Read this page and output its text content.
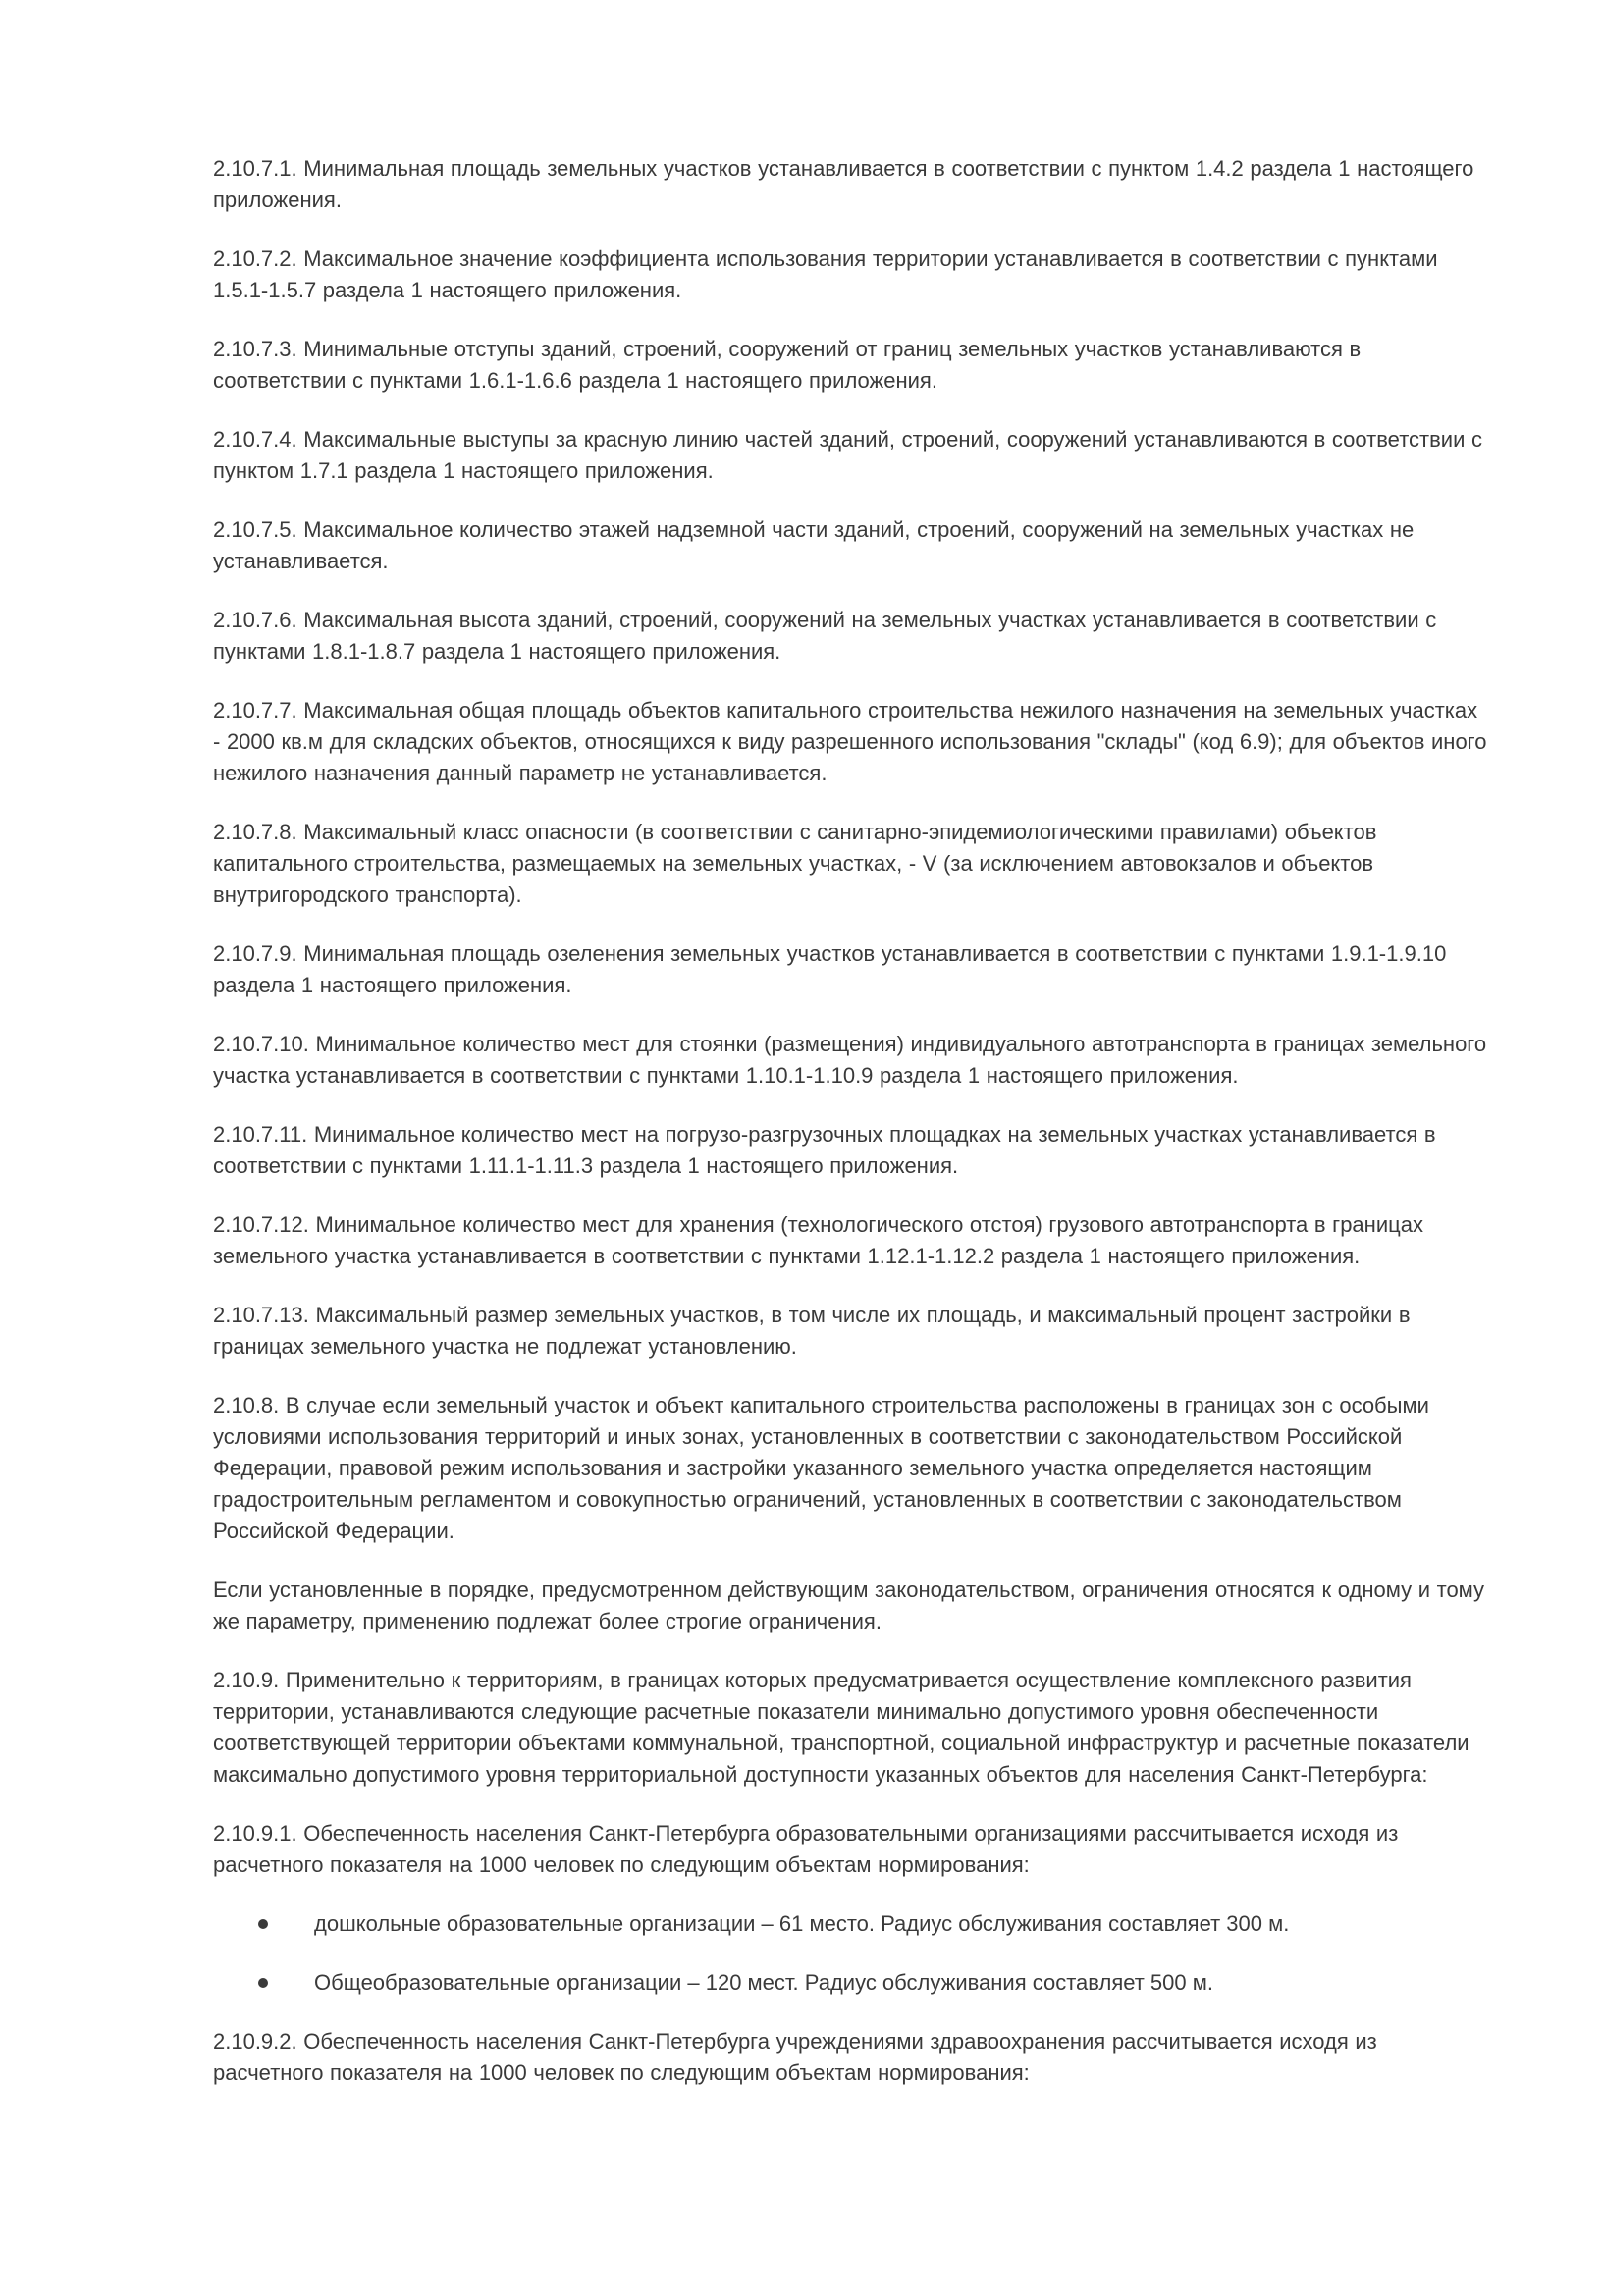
2.10.7.1. Минимальная площадь земельных участков устанавливается в соответствии с пунктом 1.4.2 раздела 1 настоящего приложения.

2.10.7.2. Максимальное значение коэффициента использования территории устанавливается в соответствии с пунктами 1.5.1-1.5.7 раздела 1 настоящего приложения.

2.10.7.3. Минимальные отступы зданий, строений, сооружений от границ земельных участков устанавливаются в соответствии с пунктами 1.6.1-1.6.6 раздела 1 настоящего приложения.

2.10.7.4. Максимальные выступы за красную линию частей зданий, строений, сооружений устанавливаются в соответствии с пунктом 1.7.1 раздела 1 настоящего приложения.

2.10.7.5. Максимальное количество этажей надземной части зданий, строений, сооружений на земельных участках не устанавливается.

2.10.7.6. Максимальная высота зданий, строений, сооружений на земельных участках устанавливается в соответствии с пунктами 1.8.1-1.8.7 раздела 1 настоящего приложения.

2.10.7.7. Максимальная общая площадь объектов капитального строительства нежилого назначения на земельных участках - 2000 кв.м для складских объектов, относящихся к виду разрешенного использования "склады" (код 6.9); для объектов иного нежилого назначения данный параметр не устанавливается.

2.10.7.8. Максимальный класс опасности (в соответствии с санитарно-эпидемиологическими правилами) объектов капитального строительства, размещаемых на земельных участках, - V (за исключением автовокзалов и объектов внутригородского транспорта).

2.10.7.9. Минимальная площадь озеленения земельных участков устанавливается в соответствии с пунктами 1.9.1-1.9.10 раздела 1 настоящего приложения.

2.10.7.10. Минимальное количество мест для стоянки (размещения) индивидуального автотранспорта в границах земельного участка устанавливается в соответствии с пунктами 1.10.1-1.10.9 раздела 1 настоящего приложения.

2.10.7.11. Минимальное количество мест на погрузо-разгрузочных площадках на земельных участках устанавливается в соответствии с пунктами 1.11.1-1.11.3 раздела 1 настоящего приложения.

2.10.7.12. Минимальное количество мест для хранения (технологического отстоя) грузового автотранспорта в границах земельного участка устанавливается в соответствии с пунктами 1.12.1-1.12.2 раздела 1 настоящего приложения.

2.10.7.13. Максимальный размер земельных участков, в том числе их площадь, и максимальный процент застройки в границах земельного участка не подлежат установлению.

2.10.8. В случае если земельный участок и объект капитального строительства расположены в границах зон с особыми условиями использования территорий и иных зонах, установленных в соответствии с законодательством Российской Федерации, правовой режим использования и застройки указанного земельного участка определяется настоящим градостроительным регламентом и совокупностью ограничений, установленных в соответствии с законодательством Российской Федерации.

Если установленные в порядке, предусмотренном действующим законодательством, ограничения относятся к одному и тому же параметру, применению подлежат более строгие ограничения.

2.10.9. Применительно к территориям, в границах которых предусматривается осуществление комплексного развития территории, устанавливаются следующие расчетные показатели минимально допустимого уровня обеспеченности соответствующей территории объектами коммунальной, транспортной, социальной инфраструктур и расчетные показатели максимально допустимого уровня территориальной доступности указанных объектов для населения Санкт-Петербурга:

2.10.9.1. Обеспеченность населения Санкт-Петербурга образовательными организациями рассчитывается исходя из расчетного показателя на 1000 человек по следующим объектам нормирования:

дошкольные образовательные организации – 61 место. Радиус обслуживания составляет 300 м.
Общеобразовательные организации – 120 мест. Радиус обслуживания составляет 500 м.

2.10.9.2. Обеспеченность населения Санкт-Петербурга учреждениями здравоохранения рассчитывается исходя из расчетного показателя на 1000 человек по следующим объектам нормирования:
